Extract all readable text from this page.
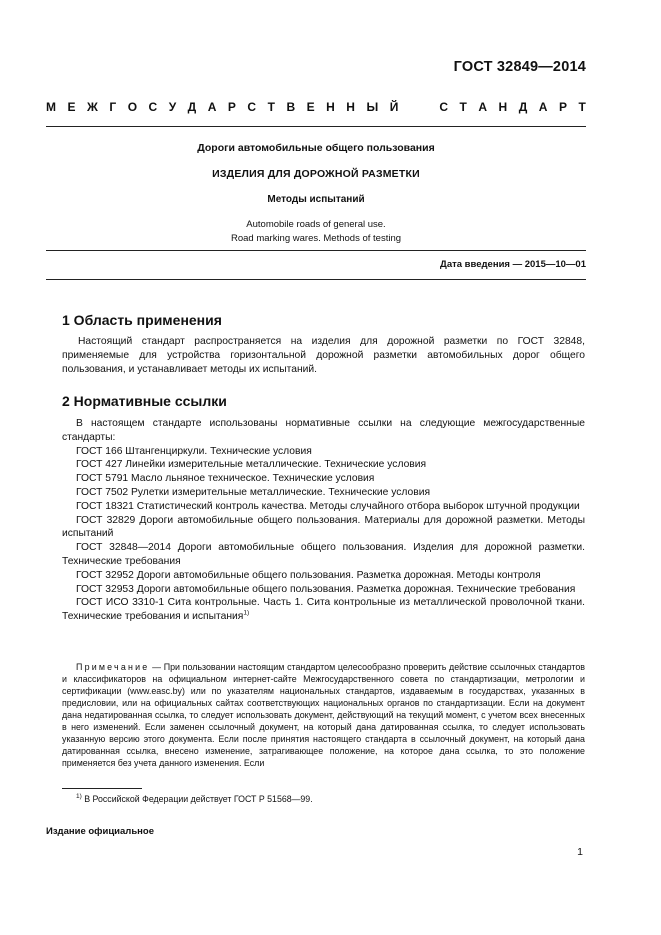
ГОСТ 32849—2014
М Е Ж Г О С У Д А Р С Т В Е Н Н Ы Й	С Т А Н Д А Р Т
Дороги автомобильные общего пользования
ИЗДЕЛИЯ ДЛЯ ДОРОЖНОЙ РАЗМЕТКИ
Методы испытаний
Automobile roads of general use.
Road marking wares. Methods of testing
Дата введения — 2015—10—01
1 Область применения

Настоящий стандарт распространяется на изделия для дорожной разметки по ГОСТ 32848, применяемые для устройства горизонтальной дорожной разметки автомобильных дорог общего пользования, и устанавливает методы их испытаний.

2 Нормативные ссылки

В настоящем стандарте использованы нормативные ссылки на следующие межгосударственные стандарты:

ГОСТ 166 Штангенциркули. Технические условия

ГОСТ 427 Линейки измерительные металлические. Технические условия

ГОСТ 5791 Масло льняное техническое. Технические условия

ГОСТ 7502 Рулетки измерительные металлические. Технические условия

ГОСТ 18321 Статистический контроль качества. Методы случайного отбора выборок штучной продукции

ГОСТ 32829 Дороги автомобильные общего пользования. Материалы для дорожной разметки. Методы испытаний

ГОСТ 32848—2014 Дороги автомобильные общего пользования. Изделия для дорожной разметки. Технические требования

ГОСТ 32952 Дороги автомобильные общего пользования. Разметка дорожная. Методы контроля

ГОСТ 32953 Дороги автомобильные общего пользования. Разметка дорожная. Технические требования

ГОСТ ИСО 3310-1 Сита контрольные. Часть 1. Сита контрольные из металлической проволочной ткани. Технические требования и испытания$^{1)}$

Примечание — При пользовании настоящим стандартом целесообразно проверить действие ссылочных стандартов и классификаторов на официальном интернет-сайте Межгосударственного совета по стандартизации, метрологии и сертификации (www.easc.by) или по указателям национальных стандартов, издаваемым в государствах, указанных в предисловии, или на официальных сайтах соответствующих национальных органов по стандартизации. Если на документ дана недатированная ссылка, то следует использовать документ, действующий на текущий момент, с учетом всех внесенных в него изменений. Если заменен ссылочный документ, на который дана датированная ссылка, то следует использовать указанную версию этого документа. Если после принятия настоящего стандарта в ссылочный документ, на который дана датированная ссылка, внесено изменение, затрагивающее положение, на которое дана ссылка, то это положение применяется без учета данного изменения. Если
$^{1)}$ В Российской Федерации действует ГОСТ Р 51568—99.
Издание официальное
1
